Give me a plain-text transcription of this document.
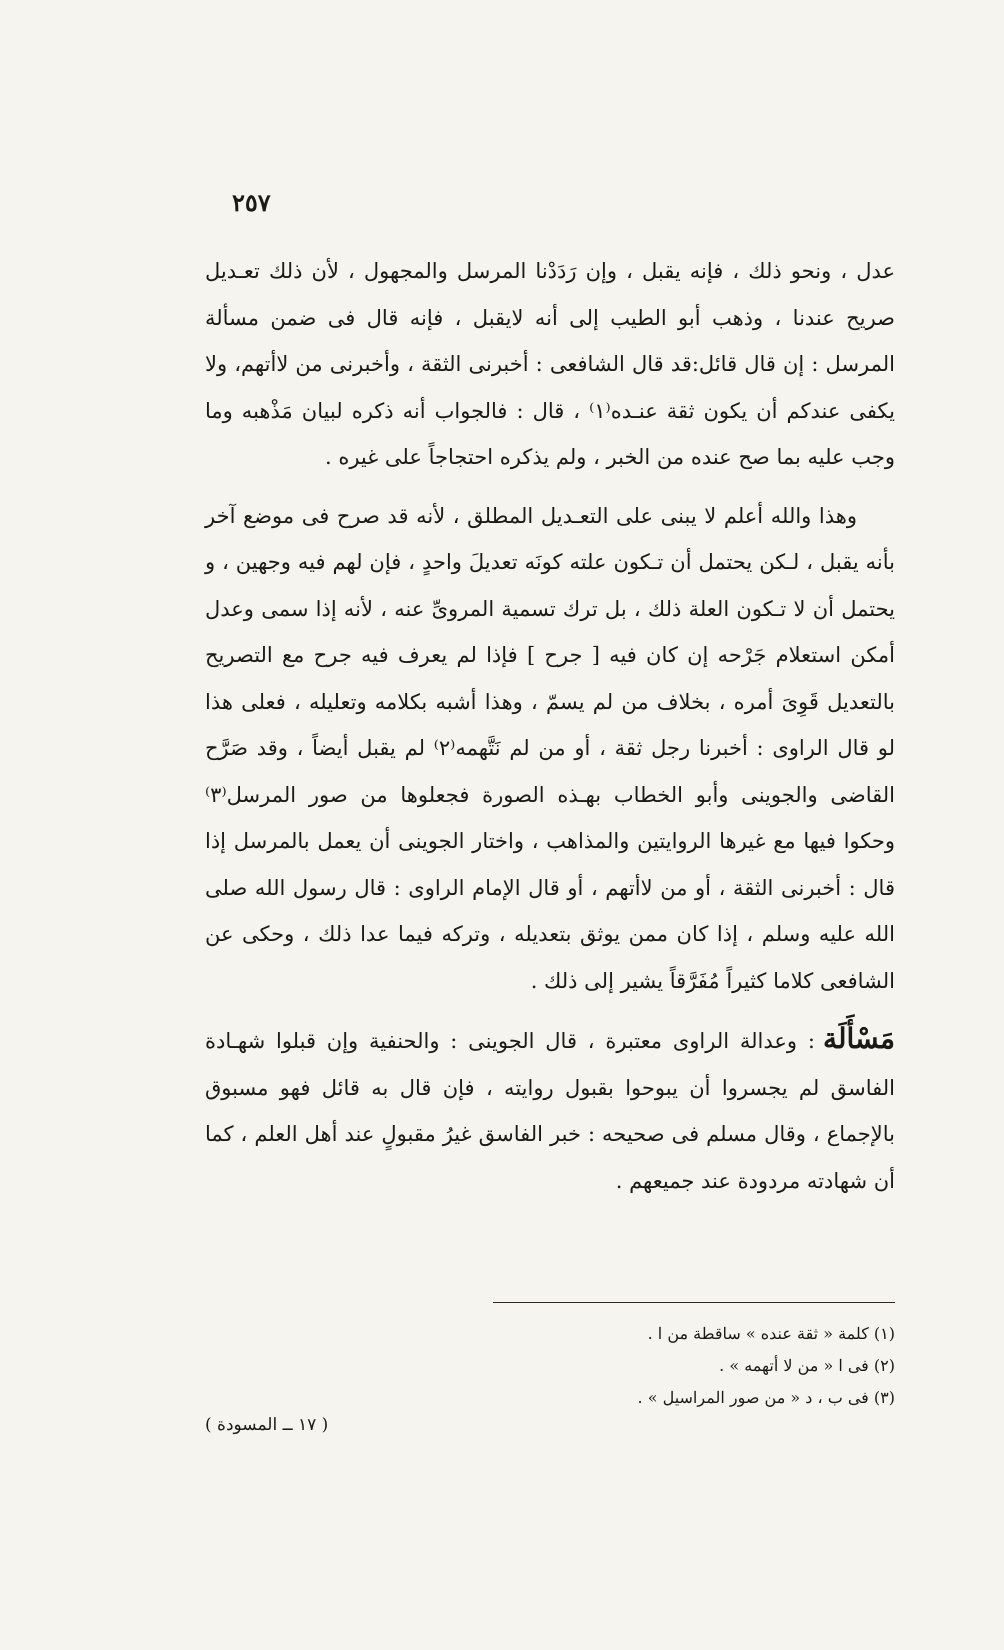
٢٥٧

عدل ، ونحو ذلك ، فإنه يقبل ، وإن رَدَدْنا المرسل والمجهول ، لأن ذلك تعـديل صريح عندنا ، وذهب أبو الطيب إلى أنه لايقبل ، فإنه قال فى ضمن مسألة المرسل : إن قال قائل:قد قال الشافعى : أخبرنى الثقة ، وأخبرنى من لاأتهم، ولا يكفى عندكم أن يكون ثقة عنـده⁽١⁾ ، قال : فالجواب أنه ذكره لبيان مَذْهبه وما وجب عليه بما صح عنده من الخبر ، ولم يذكره احتجاجاً على غيره .

وهذا والله أعلم لا يبنى على التعـديل المطلق ، لأنه قد صرح فى موضع آخر بأنه يقبل ، لـكن يحتمل أن تـكون علته كونَه تعديلَ واحدٍ ، فإن لهم فيه وجهين ، و يحتمل أن لا تـكون العلة ذلك ، بل ترك تسمية المروىِّ عنه ، لأنه إذا سمى وعدل أمكن استعلام جَرْحه إن كان فيه [ جرح ] فإذا لم يعرف فيه جرح مع التصريح بالتعديل قَوِىَ أمره ، بخلاف من لم يسمّ ، وهذا أشبه بكلامه وتعليله ، فعلى هذا لو قال الراوى : أخبرنا رجل ثقة ، أو من لم نَتَّهمه⁽٢⁾ لم يقبل أيضاً ، وقد صَرَّح القاضى والجوينى وأبو الخطاب بهـذه الصورة فجعلوها من صور المرسل⁽٣⁾ وحكوا فيها مع غيرها الروايتين والمذاهب ، واختار الجوينى أن يعمل بالمرسل إذا قال : أخبرنى الثقة ، أو من لاأتهم ، أو قال الإمام الراوى : قال رسول الله صلى الله عليه وسلم ، إذا كان ممن يوثق بتعديله ، وتركه فيما عدا ذلك ، وحكى عن الشافعى كلاما كثيراً مُفَرَّقاً يشير إلى ذلك .

مَسْأَلَة: وعدالة الراوى معتبرة ، قال الجوينى : والحنفية وإن قبلوا شهـادة الفاسق لم يجسروا أن يبوحوا بقبول روايته ، فإن قال به قائل فهو مسبوق بالإجماع ، وقال مسلم فى صحيحه : خبر الفاسق غيرُ مقبولٍ عند أهل العلم ، كما أن شهادته مردودة عند جميعهم .

(١) كلمة « ثقة عنده » ساقطة من ا .
(٢) فى ا « من لا أتهمه » .
(٣) فى ب ، د « من صور المراسيل » .
( ١٧ ــ المسودة )
